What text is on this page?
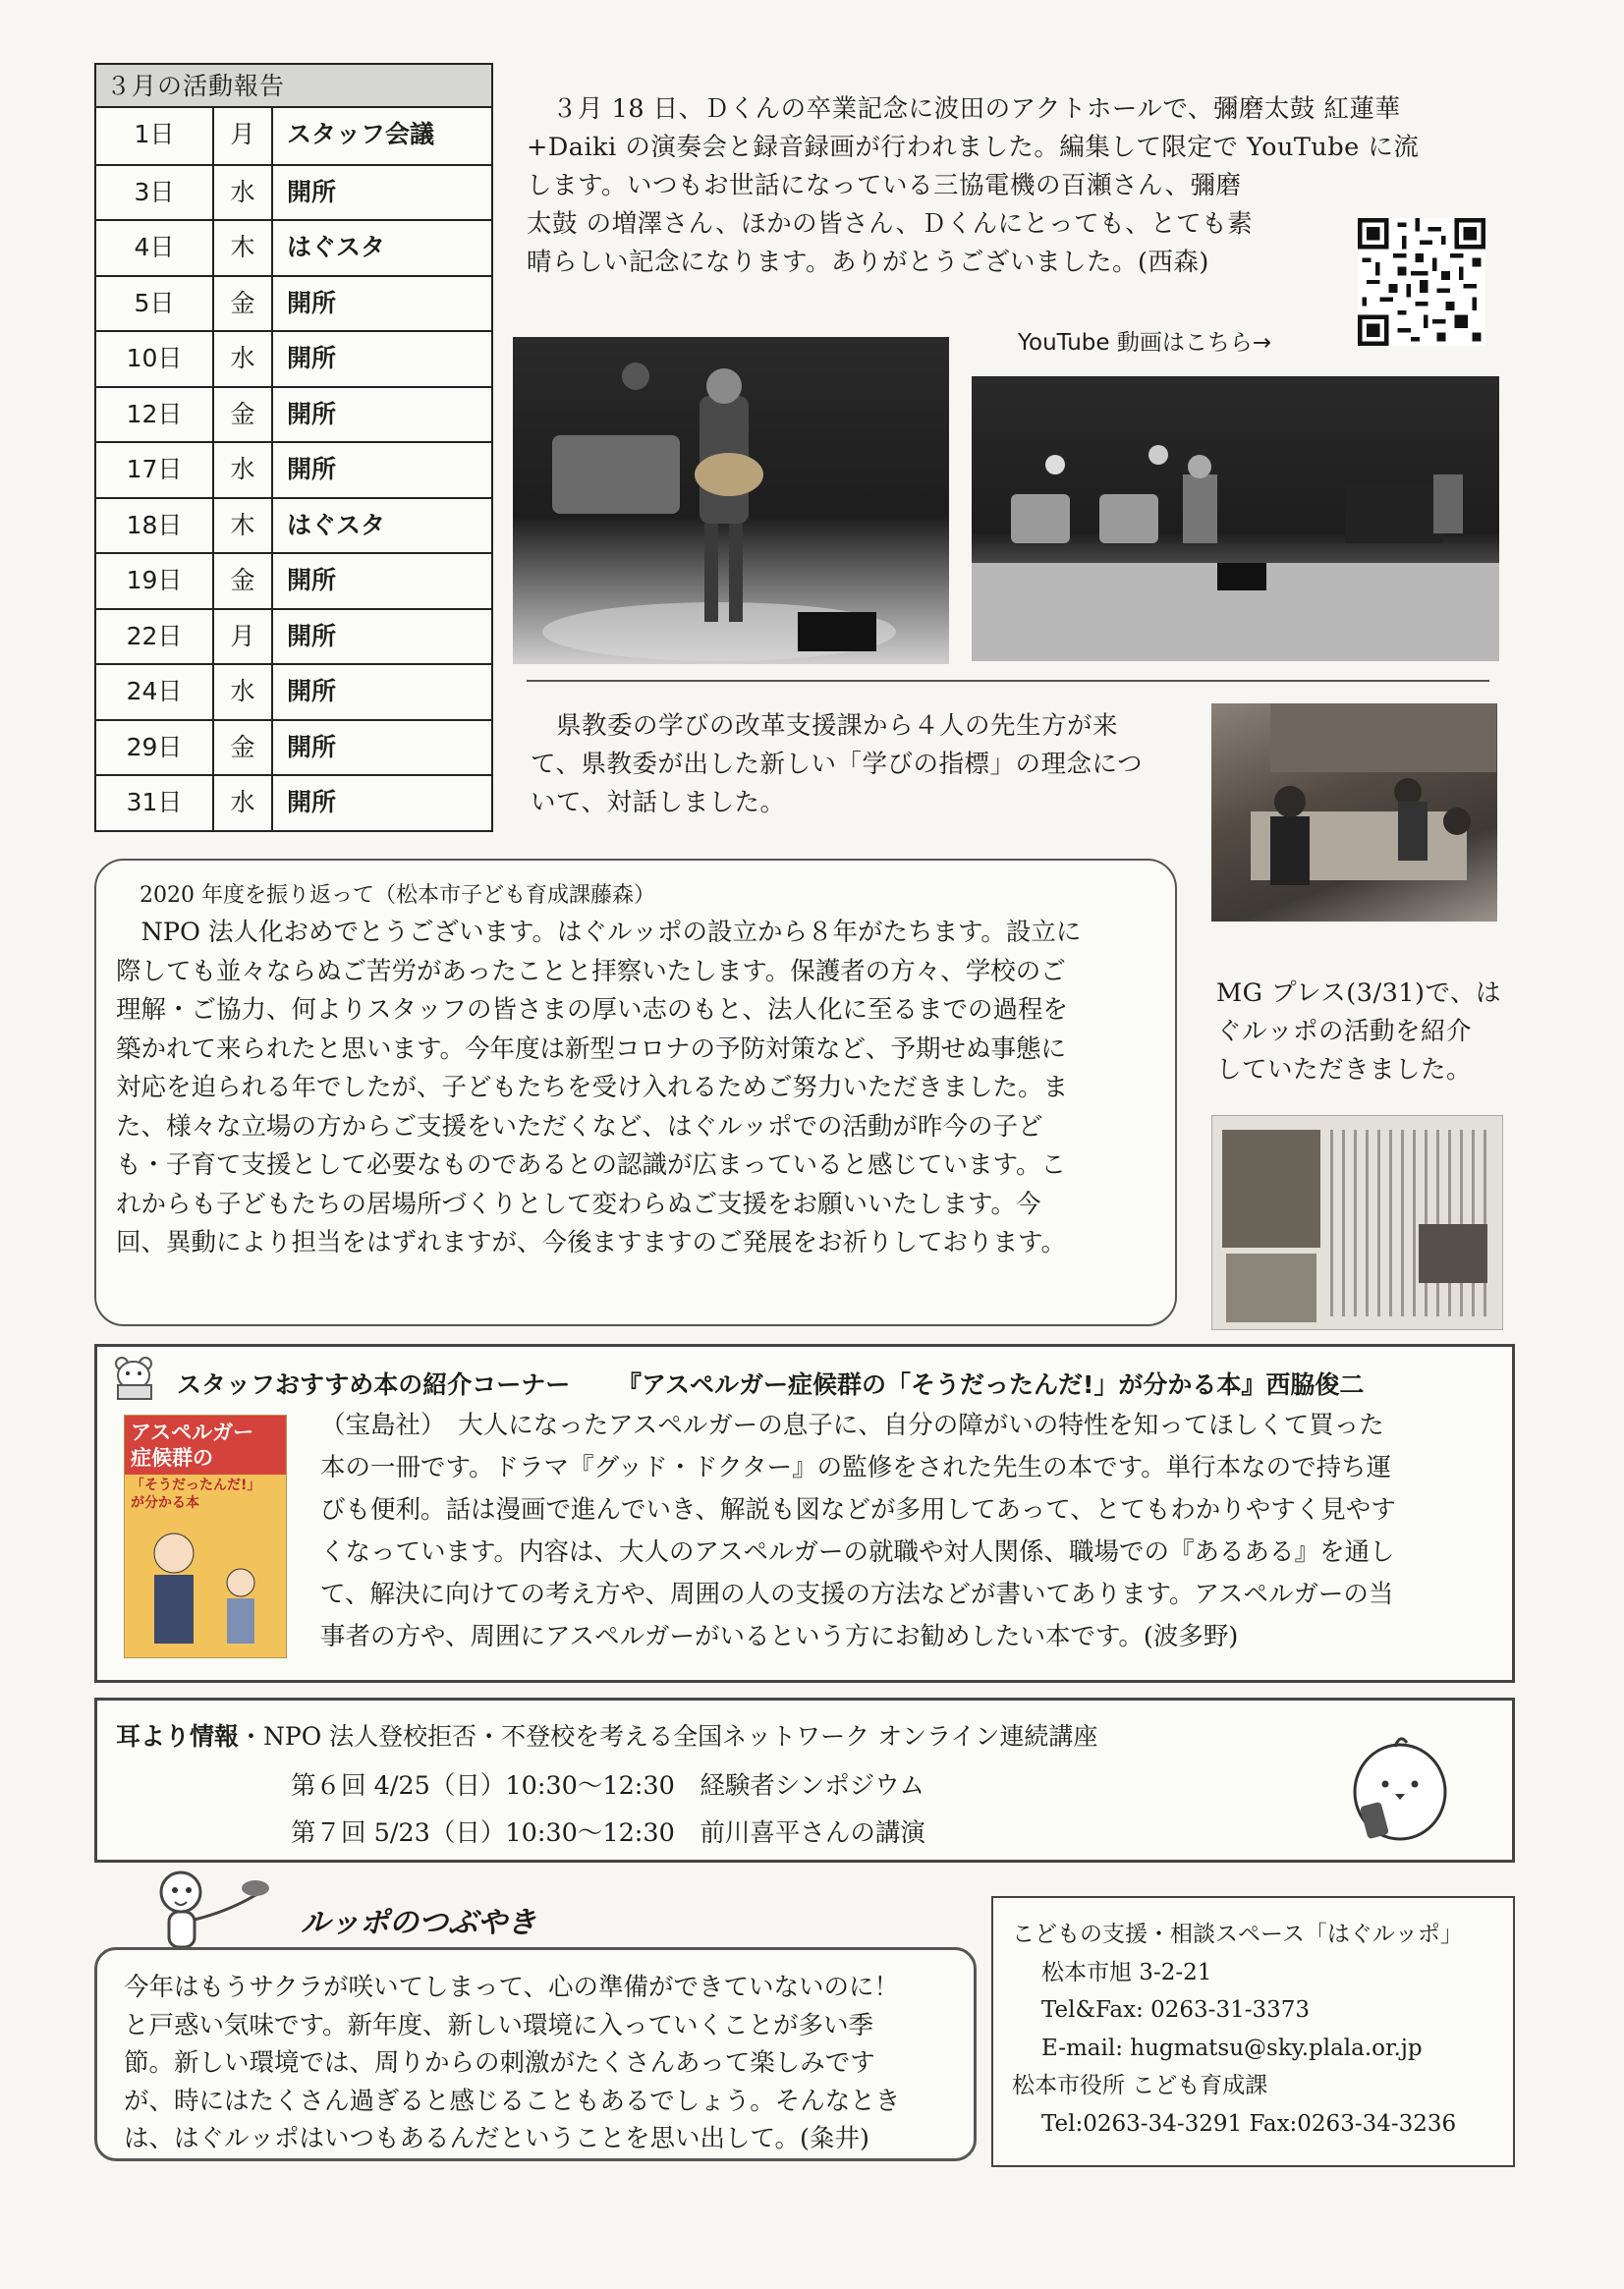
３月の活動報告
1日	月	スタッフ会議
3日	水	開所
4日	木	はぐスタ
5日	金	開所
10日	水	開所
12日	金	開所
17日	水	開所
18日	木	はぐスタ
19日	金	開所
22日	月	開所
24日	水	開所
29日	金	開所
31日	水	開所
　３月 18 日、Ｄくんの卒業記念に波田のアクトホールで、彌磨太鼓 紅蓮華
+Daiki の演奏会と録音録画が行われました。編集して限定で YouTube に流
します。いつもお世話になっている三協電機の百瀬さん、彌磨
太鼓 の増澤さん、ほかの皆さん、Ｄくんにとっても、とても素
晴らしい記念になります。ありがとうございました。(西森)
YouTube 動画はこちら→
　県教委の学びの改革支援課から４人の先生方が来
て、県教委が出した新しい「学びの指標」の理念につ
いて、対話しました。
MG プレス(3/31)で、は
ぐルッポの活動を紹介
していただきました。
2020 年度を振り返って（松本市子ども育成課藤森）
　NPO 法人化おめでとうございます。はぐルッポの設立から８年がたちます。設立に
際しても並々ならぬご苦労があったことと拝察いたします。保護者の方々、学校のご
理解・ご協力、何よりスタッフの皆さまの厚い志のもと、法人化に至るまでの過程を
築かれて来られたと思います。今年度は新型コロナの予防対策など、予期せぬ事態に
対応を迫られる年でしたが、子どもたちを受け入れるためご努力いただきました。ま
た、様々な立場の方からご支援をいただくなど、はぐルッポでの活動が昨今の子ど
も・子育て支援として必要なものであるとの認識が広まっていると感じています。こ
れからも子どもたちの居場所づくりとして変わらぬご支援をお願いいたします。今
回、異動により担当をはずれますが、今後ますますのご発展をお祈りしております。
スタッフおすすめ本の紹介コーナー 『アスペルガー症候群の「そうだったんだ!」が分かる本』西脇俊二
アスペルガー
症候群の
「そうだったんだ!」
が分かる本
（宝島社）　大人になったアスペルガーの息子に、自分の障がいの特性を知ってほしくて買った
本の一冊です。ドラマ『グッド・ドクター』の監修をされた先生の本です。単行本なので持ち運
びも便利。話は漫画で進んでいき、解説も図などが多用してあって、とてもわかりやすく見やす
くなっています。内容は、大人のアスペルガーの就職や対人関係、職場での『あるある』を通し
て、解決に向けての考え方や、周囲の人の支援の方法などが書いてあります。アスペルガーの当
事者の方や、周囲にアスペルガーがいるという方にお勧めしたい本です。(波多野)
耳より情報・NPO 法人登校拒否・不登校を考える全国ネットワーク オンライン連続講座
第６回 4/25（日）10:30～12:30　経験者シンポジウム
第７回 5/23（日）10:30～12:30　前川喜平さんの講演
ルッポのつぶやき
今年はもうサクラが咲いてしまって、心の準備ができていないのに！
と戸惑い気味です。新年度、新しい環境に入っていくことが多い季
節。新しい環境では、周りからの刺激がたくさんあって楽しみです
が、時にはたくさん過ぎると感じることもあるでしょう。そんなとき
は、はぐルッポはいつもあるんだということを思い出して。(粂井)
こどもの支援・相談スペース「はぐルッポ」
松本市旭 3-2-21
Tel&Fax: 0263-31-3373
E-mail: hugmatsu@sky.plala.or.jp
松本市役所 こども育成課
Tel:0263-34-3291 Fax:0263-34-3236
